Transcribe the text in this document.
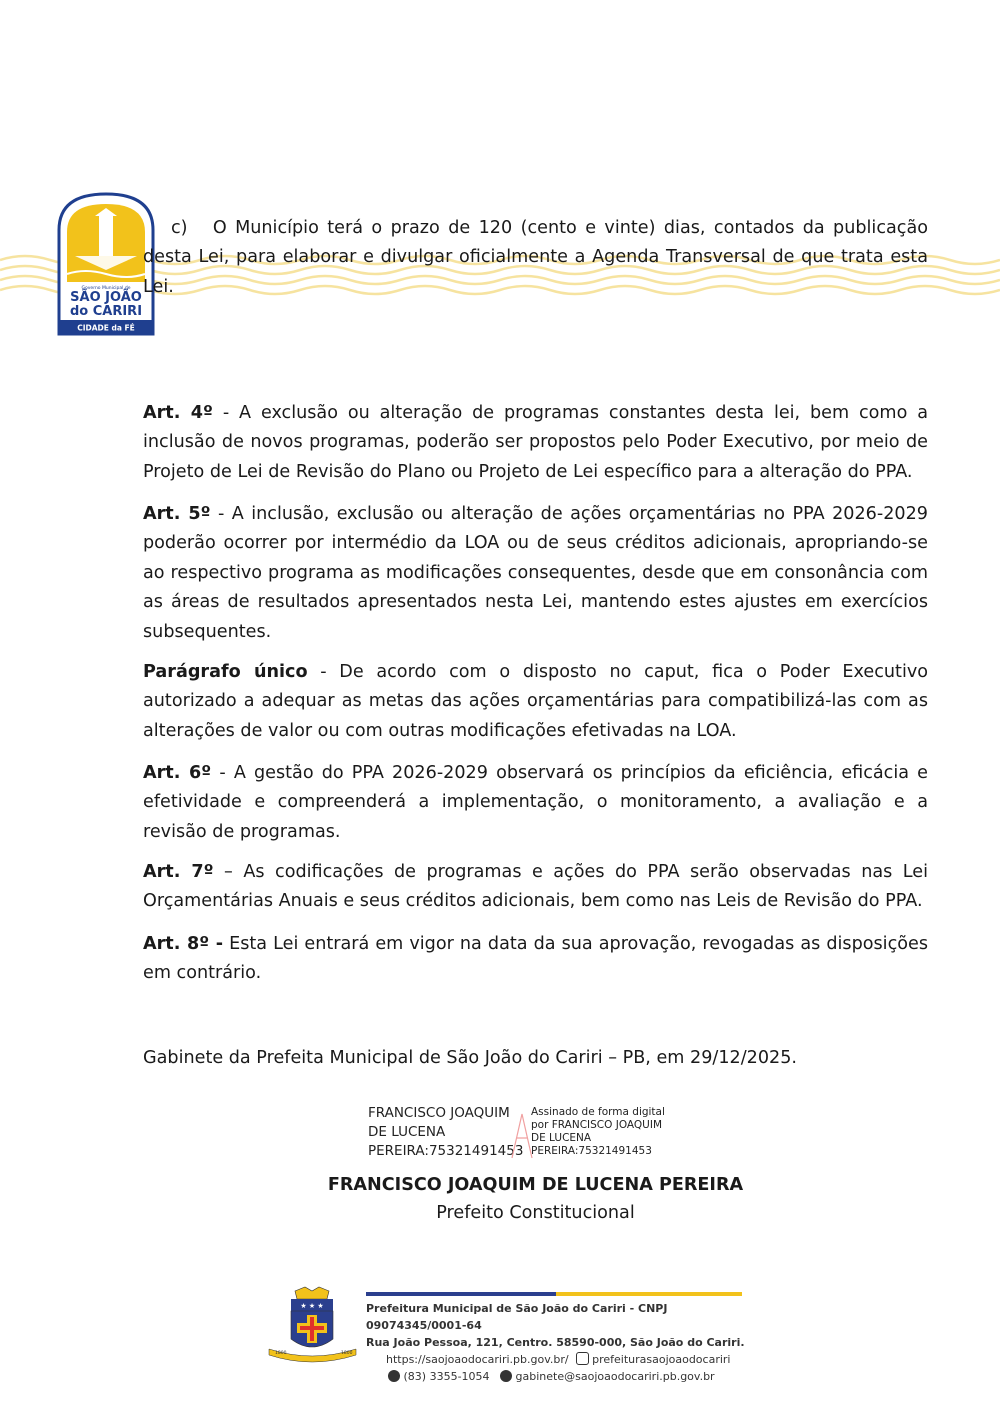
Governo Municipal de
SÃO JOÃO
do CARIRI
CIDADE da FÉ

c) O Município terá o prazo de 120 (cento e vinte) dias, contados da publicação desta Lei, para elaborar e divulgar oficialmente a Agenda Transversal de que trata esta Lei.

Art. 4º - A exclusão ou alteração de programas constantes desta lei, bem como a inclusão de novos programas, poderão ser propostos pelo Poder Executivo, por meio de Projeto de Lei de Revisão do Plano ou Projeto de Lei específico para a alteração do PPA.

Art. 5º - A inclusão, exclusão ou alteração de ações orçamentárias no PPA 2026-2029 poderão ocorrer por intermédio da LOA ou de seus créditos adicionais, apropriando-se ao respectivo programa as modificações consequentes, desde que em consonância com as áreas de resultados apresentados nesta Lei, mantendo estes ajustes em exercícios subsequentes.

Parágrafo único - De acordo com o disposto no caput, fica o Poder Executivo autorizado a adequar as metas das ações orçamentárias para compatibilizá-las com as alterações de valor ou com outras modificações efetivadas na LOA.

Art. 6º - A gestão do PPA 2026-2029 observará os princípios da eficiência, eficácia e efetividade e compreenderá a implementação, o monitoramento, a avaliação e a revisão de programas.

Art. 7º – As codificações de programas e ações do PPA serão observadas nas Lei Orçamentárias Anuais e seus créditos adicionais, bem como nas Leis de Revisão do PPA.

Art. 8º - Esta Lei entrará em vigor na data da sua aprovação, revogadas as disposições em contrário.

Gabinete da Prefeita Municipal de São João do Cariri – PB, em 29/12/2025.

FRANCISCO JOAQUIM
DE LUCENA
PEREIRA:75321491453
Assinado de forma digital
por FRANCISCO JOAQUIM
DE LUCENA
PEREIRA:75321491453
FRANCISCO JOAQUIM DE LUCENA PEREIRA
Prefeito Constitucional
★ ★ ★
1800	1800
Prefeitura Municipal de São João do Cariri - CNPJ 09074345/0001-64
Rua João Pessoa, 121, Centro. 58590-000, São João do Cariri.
https://saojoaodocariri.pb.gov.br/ prefeiturasaojoaodocariri
(83) 3355-1054 gabinete@saojoaodocariri.pb.gov.br
